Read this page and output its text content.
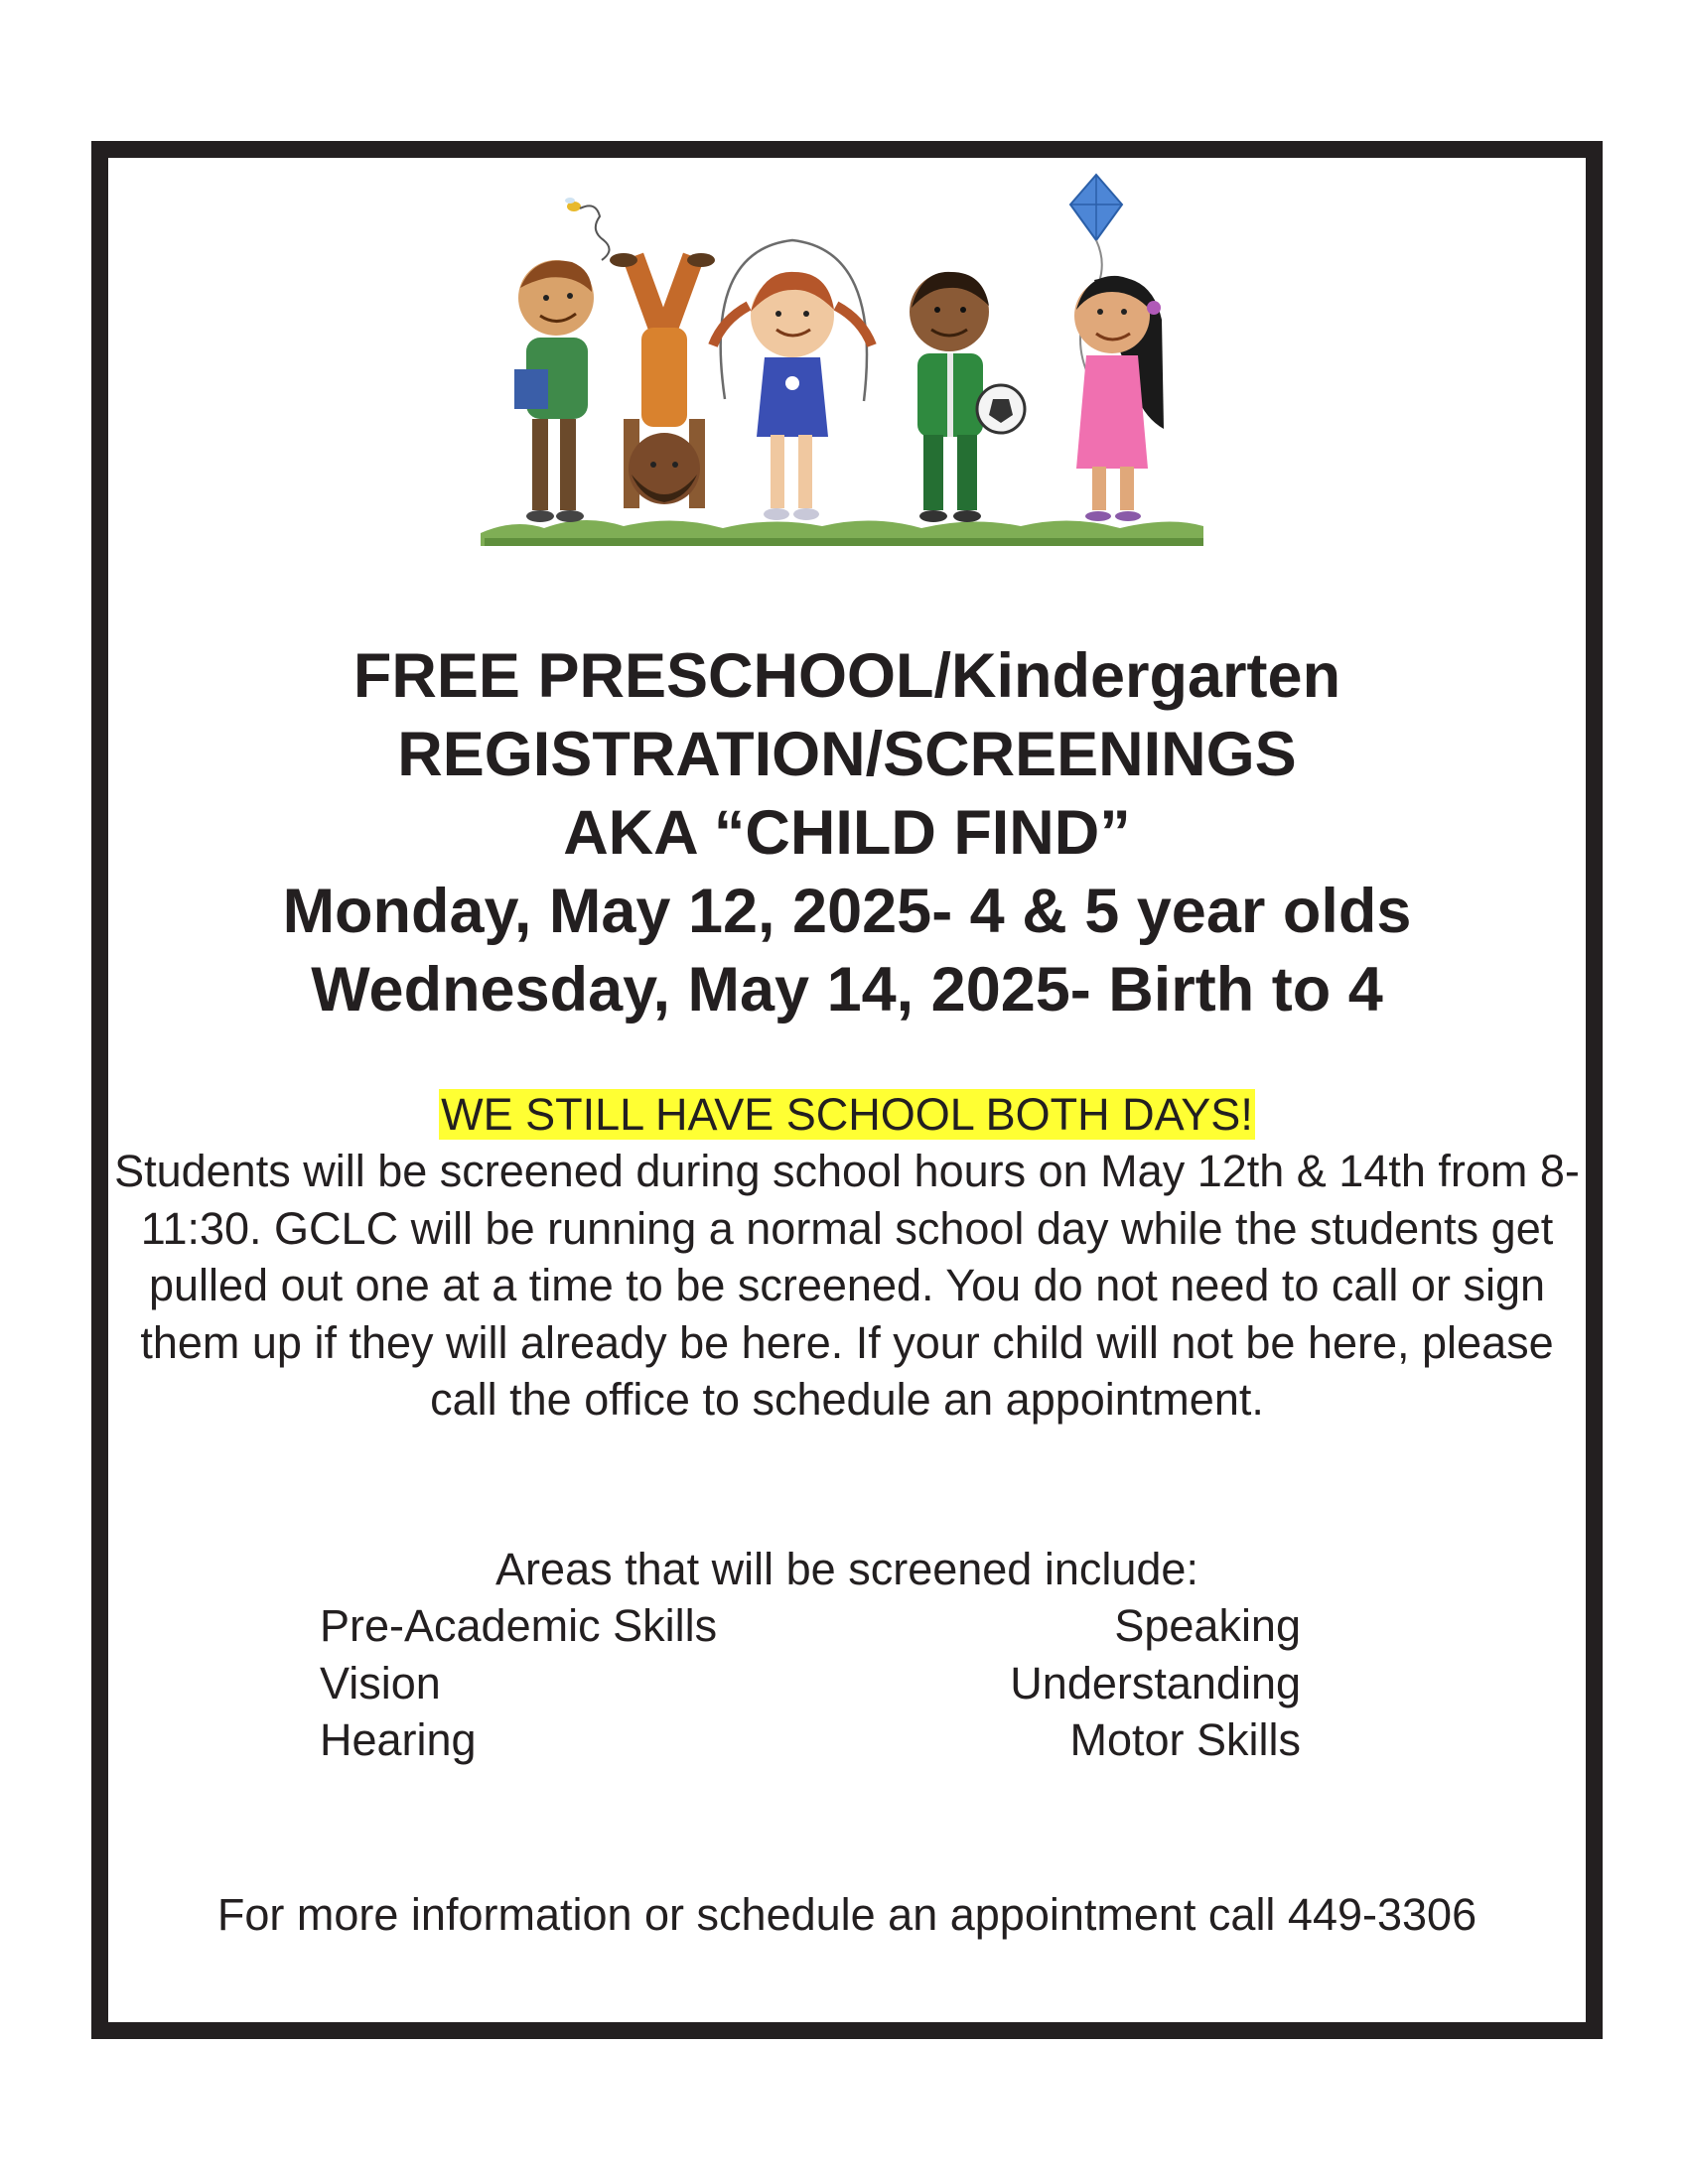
FREE PRESCHOOL/Kindergarten
REGISTRATION/SCREENINGS
AKA “CHILD FIND”
Monday, May 12, 2025- 4 & 5 year olds
Wednesday, May 14, 2025- Birth to 4
WE STILL HAVE SCHOOL BOTH DAYS!

Students will be screened during school hours on May 12th & 14th from 8-11:30. GCLC will be running a normal school day while the students get pulled out one at a time to be screened. You do not need to call or sign them up if they will already be here. If your child will not be here, please call the office to schedule an appointment.

Areas that will be screened include:
Pre-Academic Skills
Vision
Hearing
Speaking
Understanding
Motor Skills
For more information or schedule an appointment call 449-3306
